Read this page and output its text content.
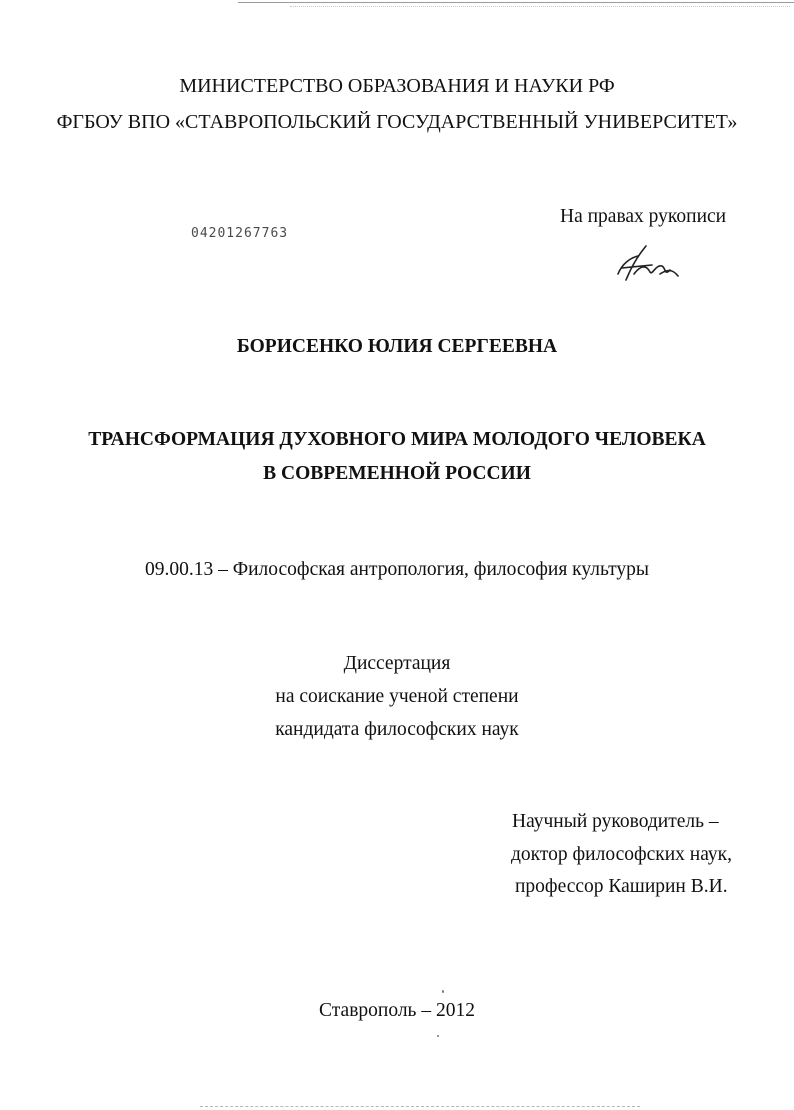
МИНИСТЕРСТВО ОБРАЗОВАНИЯ И НАУКИ РФ
ФГБОУ ВПО «СТАВРОПОЛЬСКИЙ ГОСУДАРСТВЕННЫЙ УНИВЕРСИТЕТ»
На правах рукописи
04201267763
БОРИСЕНКО ЮЛИЯ СЕРГЕЕВНА
ТРАНСФОРМАЦИЯ ДУХОВНОГО МИРА МОЛОДОГО ЧЕЛОВЕКА
В СОВРЕМЕННОЙ РОССИИ
09.00.13 – Философская антропология, философия культуры
Диссертация
на соискание ученой степени
кандидата философских наук
Научный руководитель –
доктор философских наук,
профессор Каширин В.И.
Ставрополь – 2012
